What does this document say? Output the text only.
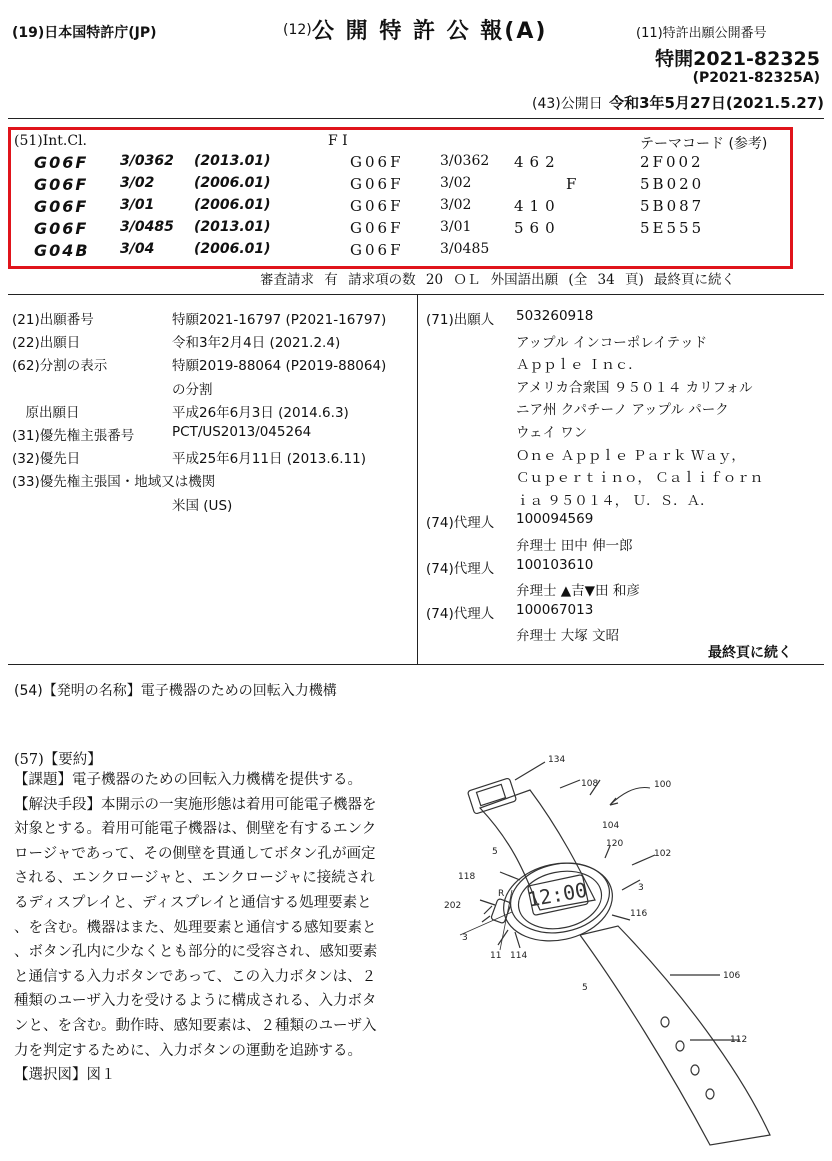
(19)日本国特許庁(JP)	(12) 公 開 特 許 公 報(A)	(11)特許出願公開番号
特開2021-82325
(P2021-82325A)
(43)公開日 令和3年5月27日(2021.5.27)
(51)Int.Cl.	F I	テーマコード (参考)
G06F 3/0362 (2013.01)	G06F	3/0362 462	2F002
G06F 3/02	(2006.01)	G06F	3/02	F	5B020
G06F 3/01	(2006.01)	G06F	3/02	410	5B087
G06F 3/0485 (2013.01)	G06F	3/01	560	5E555
G04B 3/04	(2006.01)	G06F	3/0485
審査請求 有 請求項の数 20 ＯＬ 外国語出願 (全 34 頁) 最終頁に続く
(21)出願番号	特願2021-16797 (P2021-16797)
(22)出願日	令和3年2月4日 (2021.2.4)
(62)分割の表示	特願2019-88064 (P2019-88064)
の分割
　原出願日	平成26年6月3日 (2014.6.3)
(31)優先権主張番号	PCT/US2013/045264
(32)優先日	平成25年6月11日 (2013.6.11)
(33)優先権主張国・地域又は機関
米国 (US)
(71)出願人 503260918
アップル インコーポレイテッド
Ａｐｐｌｅ Ｉｎｃ．
アメリカ合衆国 ９５０１４ カリフォル
ニア州 クパチーノ アップル パーク
ウェイ ワン
Ｏｎｅ Ａｐｐｌｅ Ｐａｒｋ Ｗａｙ，
Ｃｕｐｅｒｔｉｎｏ， Ｃａｌｉｆｏｒｎ
ｉａ ９５０１４， Ｕ．Ｓ．Ａ．
(74)代理人 100094569
弁理士 田中 伸一郎
(74)代理人 100103610
弁理士 ▲吉▼田 和彦
(74)代理人 100067013
弁理士 大塚 文昭
最終頁に続く
(54)【発明の名称】電子機器のための回転入力機構
(57)【要約】

【課題】電子機器のための回転入力機構を提供する。

【解決手段】本開示の一実施形態は着用可能電子機器を

対象とする。着用可能電子機器は、側壁を有するエンク

ロージャであって、その側壁を貫通してボタン孔が画定

される、エンクロージャと、エンクロージャに接続され

るディスプレイと、ディスプレイと通信する処理要素と

、を含む。機器はまた、処理要素と通信する感知要素と

、ボタン孔内に少なくとも部分的に受容され、感知要素

と通信する入力ボタンであって、この入力ボタンは、２

種類のユーザ入力を受けるように構成される、入力ボタ

ンと、を含む。動作時、感知要素は、２種類のユーザ入

力を判定するために、入力ボタンの運動を追跡する。

【選択図】図１

12:00
134
108	100
104
120
102
5
118
R
3
116
202
3
11 114
5
106
112
